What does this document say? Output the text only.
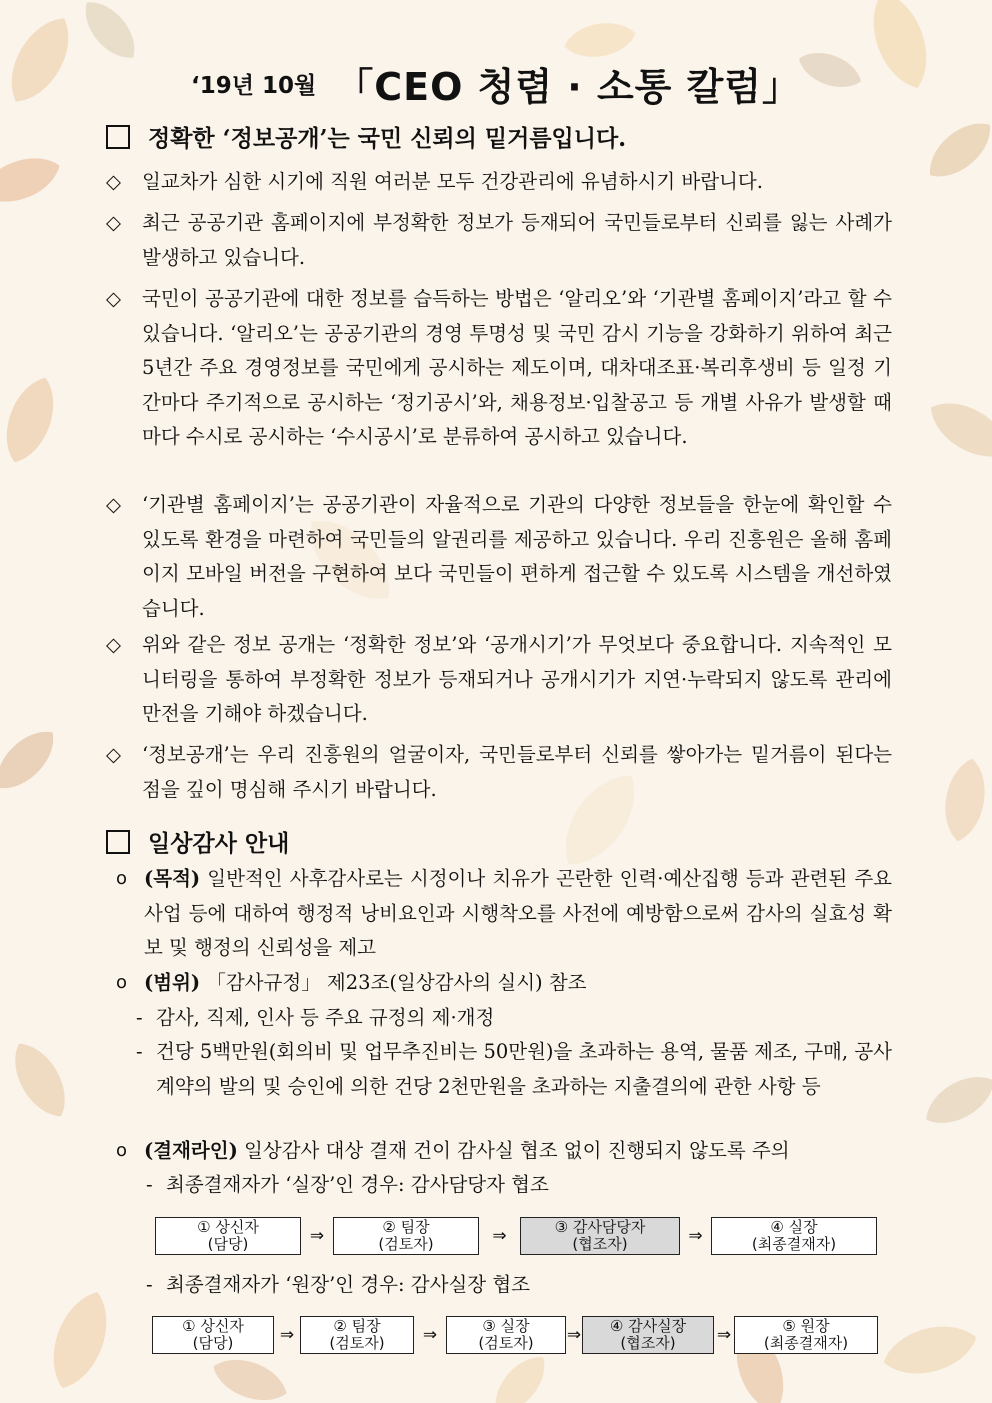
‘19년 10월 「CEO 청렴 · 소통 칼럼」
정확한 ‘정보공개’는 국민 신뢰의 밑거름입니다.
◇	일교차가 심한 시기에 직원 여러분 모두 건강관리에 유념하시기 바랍니다.
◇	최근 공공기관 홈페이지에 부정확한 정보가 등재되어 국민들로부터 신뢰를 잃는 사례가 발생하고 있습니다.
◇	국민이 공공기관에 대한 정보를 습득하는 방법은 ‘알리오’와 ‘기관별 홈페이지’라고 할 수 있습니다. ‘알리오’는 공공기관의 경영 투명성 및 국민 감시 기능을 강화하기 위하여 최근 5년간 주요 경영정보를 국민에게 공시하는 제도이며, 대차대조표·복리후생비 등 일정 기간마다 주기적으로 공시하는 ‘정기공시’와, 채용정보·입찰공고 등 개별 사유가 발생할 때마다 수시로 공시하는 ‘수시공시’로 분류하여 공시하고 있습니다.
◇	‘기관별 홈페이지’는 공공기관이 자율적으로 기관의 다양한 정보들을 한눈에 확인할 수 있도록 환경을 마련하여 국민들의 알권리를 제공하고 있습니다. 우리 진흥원은 올해 홈페이지 모바일 버전을 구현하여 보다 국민들이 편하게 접근할 수 있도록 시스템을 개선하였습니다.
◇	위와 같은 정보 공개는 ‘정확한 정보’와 ‘공개시기’가 무엇보다 중요합니다. 지속적인 모니터링을 통하여 부정확한 정보가 등재되거나 공개시기가 지연·누락되지 않도록 관리에 만전을 기해야 하겠습니다.
◇	‘정보공개’는 우리 진흥원의 얼굴이자, 국민들로부터 신뢰를 쌓아가는 밑거름이 된다는 점을 깊이 명심해 주시기 바랍니다.
일상감사 안내
o (목적) 일반적인 사후감사로는 시정이나 치유가 곤란한 인력·예산집행 등과 관련된 주요 사업 등에 대하여 행정적 낭비요인과 시행착오를 사전에 예방함으로써 감사의 실효성 확보 및 행정의 신뢰성을 제고
o (범위) 「감사규정」 제23조(일상감사의 실시) 참조
- 감사, 직제, 인사 등 주요 규정의 제·개정
- 건당 5백만원(회의비 및 업무추진비는 50만원)을 초과하는 용역, 물품 제조, 구매, 공사계약의 발의 및 승인에 의한 건당 2천만원을 초과하는 지출결의에 관한 사항 등
o (결재라인) 일상감사 대상 결재 건이 감사실 협조 없이 진행되지 않도록 주의
- 최종결재자가 ‘실장’인 경우: 감사담당자 협조
① 상신자
(담당)	⇒	② 팀장
(검토자)	⇒	③ 감사담당자
(협조자)	⇒	④ 실장
(최종결재자)
- 최종결재자가 ‘원장’인 경우: 감사실장 협조
① 상신자
(담당)	⇒	② 팀장
(검토자)	⇒	③ 실장
(검토자)	⇒	④ 감사실장
(협조자)	⇒	⑤ 원장
(최종결재자)
